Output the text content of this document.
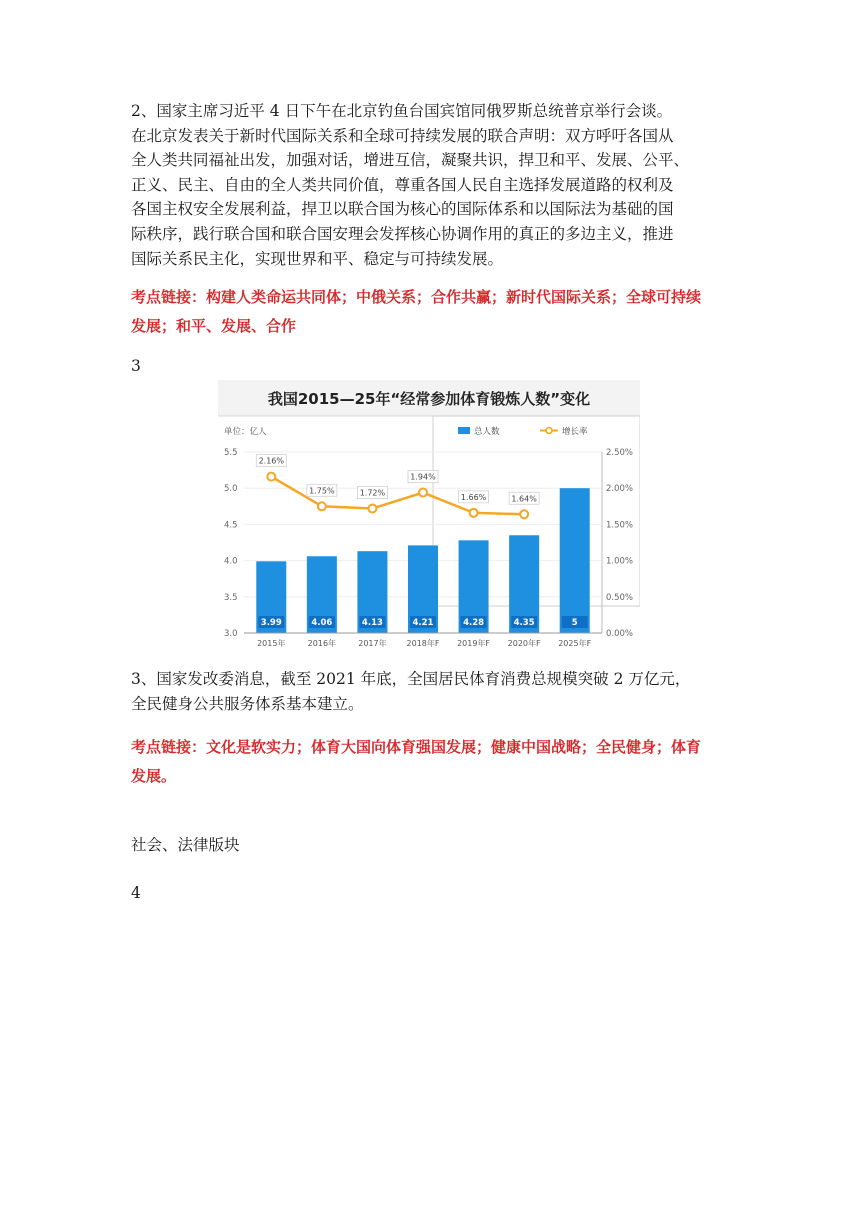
2、国家主席习近平 4 日下午在北京钓鱼台国宾馆同俄罗斯总统普京举行会谈。
在北京发表关于新时代国际关系和全球可持续发展的联合声明：双方呼吁各国从
全人类共同福祉出发，加强对话，增进互信，凝聚共识，捍卫和平、发展、公平、
正义、民主、自由的全人类共同价值，尊重各国人民自主选择发展道路的权利及
各国主权安全发展利益，捍卫以联合国为核心的国际体系和以国际法为基础的国
际秩序，践行联合国和联合国安理会发挥核心协调作用的真正的多边主义，推进
国际关系民主化，实现世界和平、稳定与可持续发展。
考点链接：构建人类命运共同体；中俄关系；合作共赢；新时代国际关系；全球可持续
发展；和平、发展、合作
3
我国2015—25年“经常参加体育锻炼人数”变化
单位：亿人	总人数	增长率
3.0
3.5
4.0
4.5
5.0
5.5
0.00%
0.50%
1.00%
1.50%
2.00%
2.50%
3.99	4.06	4.13	4.21	4.28	4.35	5
2015年	2016年	2017年 2018年F 2019年F 2020年F 2025年F
2.16%
1.75%	1.72%
1.94%
1.66%	1.64%
3、国家发改委消息，截至 2021 年底，全国居民体育消费总规模突破 2 万亿元，
全民健身公共服务体系基本建立。
考点链接：文化是软实力；体育大国向体育强国发展；健康中国战略；全民健身；体育
发展。
社会、法律版块
4
